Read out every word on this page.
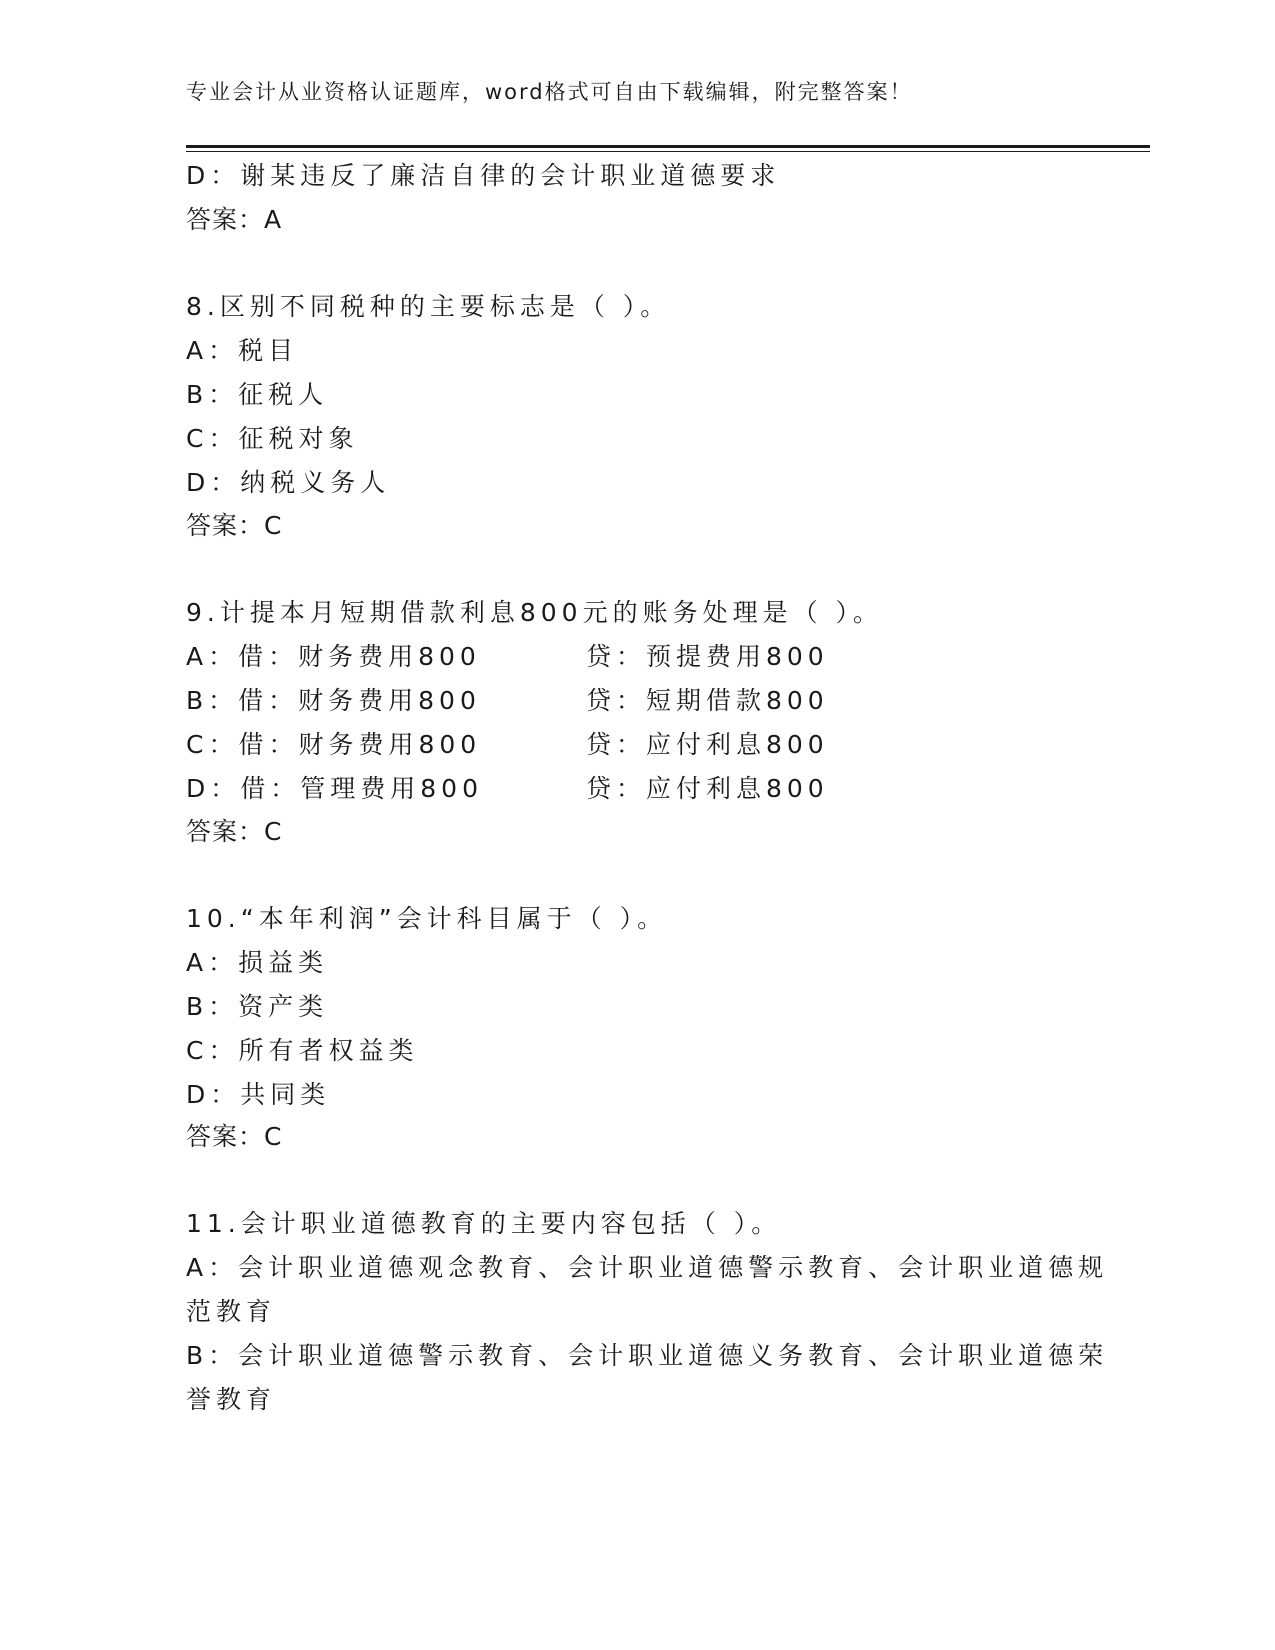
专业会计从业资格认证题库，word格式可自由下载编辑，附完整答案！
D：谢某违反了廉洁自律的会计职业道德要求
答案：A
8.区别不同税种的主要标志是（ ）。
A：税目
B：征税人
C：征税对象
D：纳税义务人
答案：C
9.计提本月短期借款利息800元的账务处理是（ ）。
A：借：财务费用800	贷：预提费用800
B：借：财务费用800	贷：短期借款800
C：借：财务费用800	贷：应付利息800
D：借：管理费用800	贷：应付利息800
答案：C
10.“本年利润”会计科目属于（ ）。
A：损益类
B：资产类
C：所有者权益类
D：共同类
答案：C
11.会计职业道德教育的主要内容包括（ ）。
A：会计职业道德观念教育、会计职业道德警示教育、会计职业道德规
范教育
B：会计职业道德警示教育、会计职业道德义务教育、会计职业道德荣
誉教育
